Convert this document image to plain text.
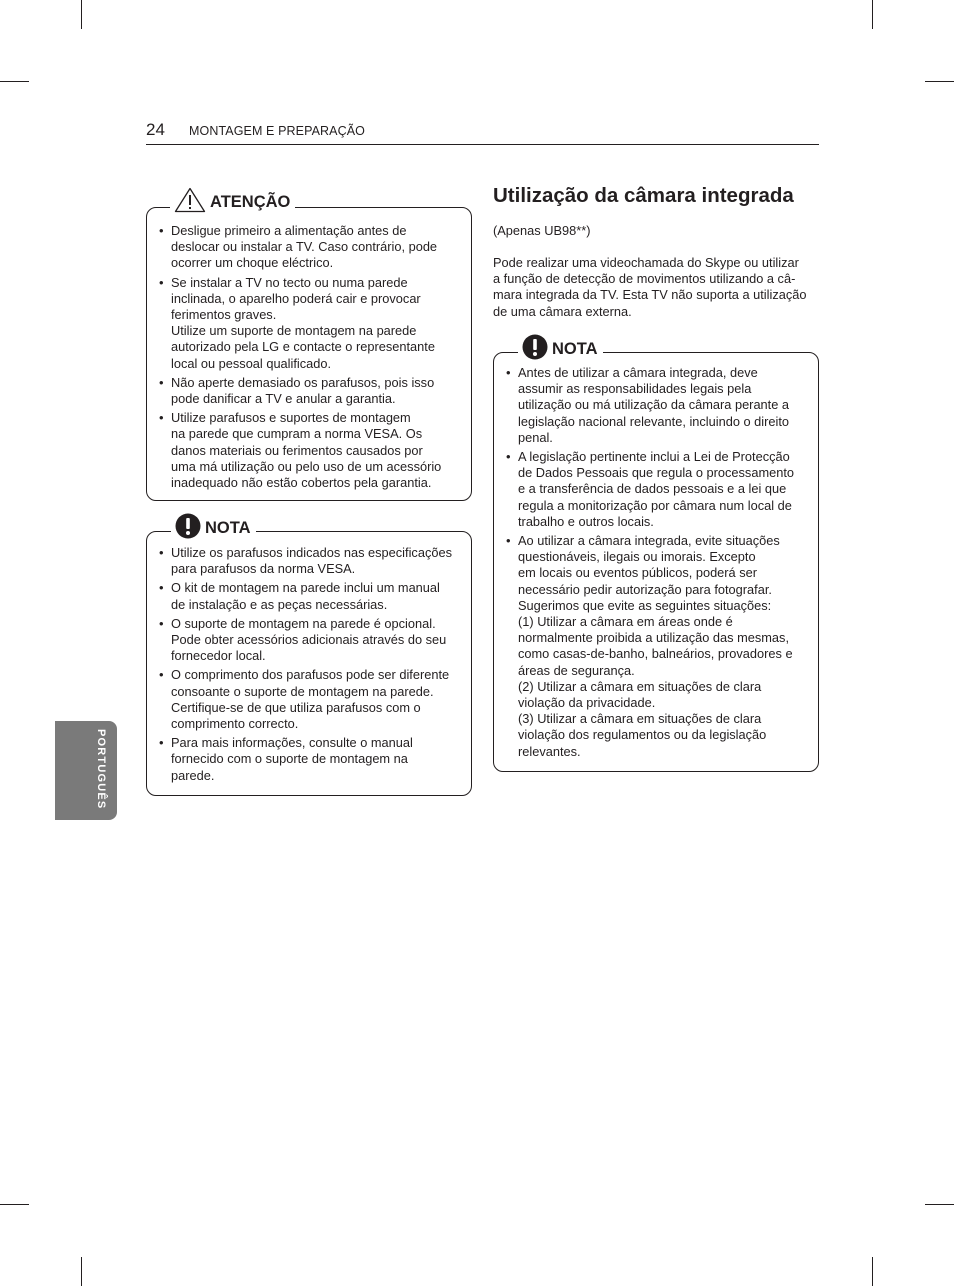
24 MONTAGEM E PREPARAÇÃO
PORTUGUÊS
ATENÇÃO

• Desligue primeiro a alimentação antes de

deslocar ou instalar a TV. Caso contrário, pode

ocorrer um choque eléctrico.

• Se instalar a TV no tecto ou numa parede

inclinada, o aparelho poderá cair e provocar

ferimentos graves.

Utilize um suporte de montagem na parede

autorizado pela LG e contacte o representante

local ou pessoal qualificado.

• Não aperte demasiado os parafusos, pois isso

pode danificar a TV e anular a garantia.

• Utilize parafusos e suportes de montagem

na parede que cumpram a norma VESA. Os

danos materiais ou ferimentos causados por

uma má utilização ou pelo uso de um acessório

inadequado não estão cobertos pela garantia.

NOTA

• Utilize os parafusos indicados nas especificações

para parafusos da norma VESA.

• O kit de montagem na parede inclui um manual

de instalação e as peças necessárias.

• O suporte de montagem na parede é opcional.

Pode obter acessórios adicionais através do seu

fornecedor local.

• O comprimento dos parafusos pode ser diferente

consoante o suporte de montagem na parede.

Certifique-se de que utiliza parafusos com o

comprimento correcto.

• Para mais informações, consulte o manual

fornecido com o suporte de montagem na

parede.

Utilização da câmara integrada

(Apenas UB98**)

Pode realizar uma videochamada do Skype ou utilizar
a função de detecção de movimentos utilizando a câ-
mara integrada da TV. Esta TV não suporta a utilização
de uma câmara externa.

NOTA

• Antes de utilizar a câmara integrada, deve

assumir as responsabilidades legais pela

utilização ou má utilização da câmara perante a

legislação nacional relevante, incluindo o direito

penal.

• A legislação pertinente inclui a Lei de Protecção

de Dados Pessoais que regula o processamento

e a transferência de dados pessoais e a lei que

regula a monitorização por câmara num local de

trabalho e outros locais.

• Ao utilizar a câmara integrada, evite situações

questionáveis, ilegais ou imorais. Excepto

em locais ou eventos públicos, poderá ser

necessário pedir autorização para fotografar.

Sugerimos que evite as seguintes situações:

(1) Utilizar a câmara em áreas onde é

normalmente proibida a utilização das mesmas,

como casas-de-banho, balneários, provadores e

áreas de segurança.

(2) Utilizar a câmara em situações de clara

violação da privacidade.

(3) Utilizar a câmara em situações de clara

violação dos regulamentos ou da legislação

relevantes.
